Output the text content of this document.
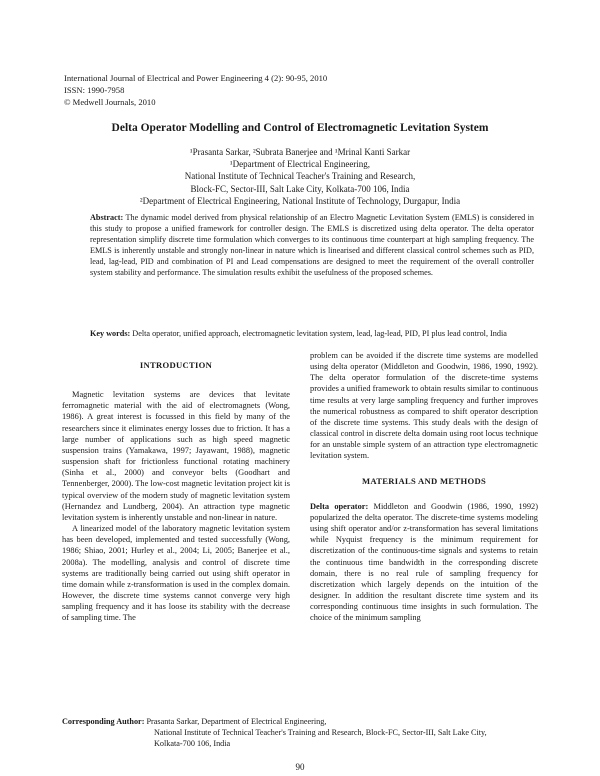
International Journal of Electrical and Power Engineering 4 (2): 90-95, 2010
ISSN: 1990-7958
© Medwell Journals, 2010
Delta Operator Modelling and Control of Electromagnetic Levitation System
¹Prasanta Sarkar, ²Subrata Banerjee and ¹Mrinal Kanti Sarkar
¹Department of Electrical Engineering,
National Institute of Technical Teacher's Training and Research,
Block-FC, Sector-III, Salt Lake City, Kolkata-700 106, India
²Department of Electrical Engineering, National Institute of Technology, Durgapur, India
Abstract: The dynamic model derived from physical relationship of an Electro Magnetic Levitation System (EMLS) is considered in this study to propose a unified framework for controller design. The EMLS is discretized using delta operator. The delta operator representation simplify discrete time formulation which converges to its continuous time counterpart at high sampling frequency. The EMLS is inherently unstable and strongly non-linear in nature which is linearised and different classical control schemes such as PID, lead, lag-lead, PID and combination of PI and Lead compensations are designed to meet the requirement of the overall controller system stability and performance. The simulation results exhibit the usefulness of the proposed schemes.
Key words: Delta operator, unified approach, electromagnetic levitation system, lead, lag-lead, PID, PI plus lead control, India
INTRODUCTION

Magnetic levitation systems are devices that levitate ferromagnetic material with the aid of electromagnets (Wong, 1986). A great interest is focussed in this field by many of the researchers since it eliminates energy losses due to friction. It has a large number of applications such as high speed magnetic suspension trains (Yamakawa, 1997; Jayawant, 1988), magnetic suspension shaft for frictionless functional rotating machinery (Sinha et al., 2000) and conveyor belts (Goodhart and Tennenberger, 2000). The low-cost magnetic levitation project kit is typical overview of the modern study of magnetic levitation system (Hernandez and Lundberg, 2004). An attraction type magnetic levitation system is inherently unstable and non-linear in nature.

A linearized model of the laboratory magnetic levitation system has been developed, implemented and tested successfully (Wong, 1986; Shiao, 2001; Hurley et al., 2004; Li, 2005; Banerjee et al., 2008a). The modelling, analysis and control of discrete time systems are traditionally being carried out using shift operator in time domain while z-transformation is used in the complex domain. However, the discrete time systems cannot converge very high sampling frequency and it has loose its stability with the decrease of sampling time. The

problem can be avoided if the discrete time systems are modelled using delta operator (Middleton and Goodwin, 1986, 1990, 1992). The delta operator formulation of the discrete-time systems provides a unified framework to obtain results similar to continuous time results at very large sampling frequency and further improves the numerical robustness as compared to shift operator description of the discrete time systems. This study deals with the design of classical control in discrete delta domain using root locus technique for an unstable simple system of an attraction type electromagnetic levitation system.

MATERIALS AND METHODS

Delta operator: Middleton and Goodwin (1986, 1990, 1992) popularized the delta operator. The discrete-time systems modeling using shift operator and/or z-transformation has several limitations while Nyquist frequency is the minimum requirement for discretization of the continuous-time signals and systems to retain the continuous time bandwidth in the corresponding discrete domain, there is no real rule of sampling frequency for discretization which largely depends on the intuition of the designer. In addition the resultant discrete time system and its corresponding continuous time insights in such formulation. The choice of the minimum sampling

Corresponding Author: Prasanta Sarkar, Department of Electrical Engineering,
National Institute of Technical Teacher's Training and Research, Block-FC, Sector-III, Salt Lake City,
Kolkata-700 106, India
90
